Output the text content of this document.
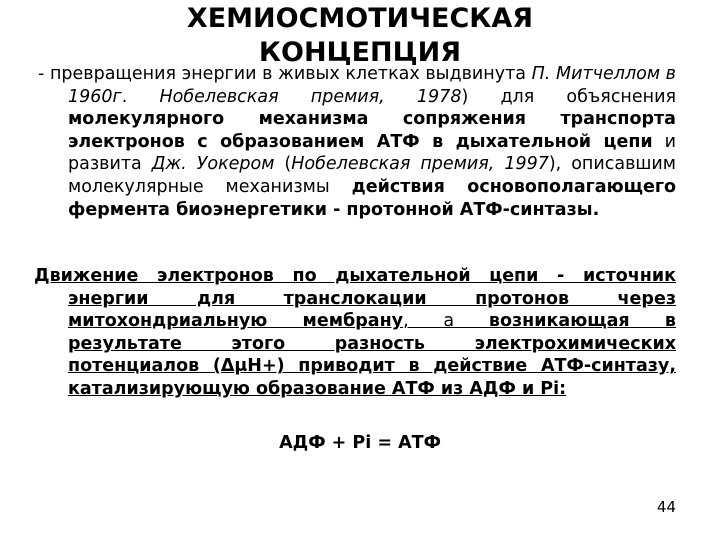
ХЕМИОСМОТИЧЕСКАЯ КОНЦЕПЦИЯ

- превращения энергии в живых клетках выдвинута П. Митчеллом в 1960г. Нобелевская премия, 1978) для объяснения молекулярного механизма сопряжения транспорта электронов с образованием АТФ в дыхательной цепи и развита Дж. Уокером (Нобелевская премия, 1997), описавшим молекулярные механизмы действия основополагающего фермента биоэнергетики - протонной АТФ-синтазы.

Движение электронов по дыхательной цепи - источник энергии для транслокации протонов через митохондриальную мембрану, а возникающая в результате этого разность электрохимических потенциалов (ΔμН+) приводит в действие АТФ-синтазу, катализирующую образование АТФ из АДФ и Pi:

АДФ + Pi = АТФ

44
